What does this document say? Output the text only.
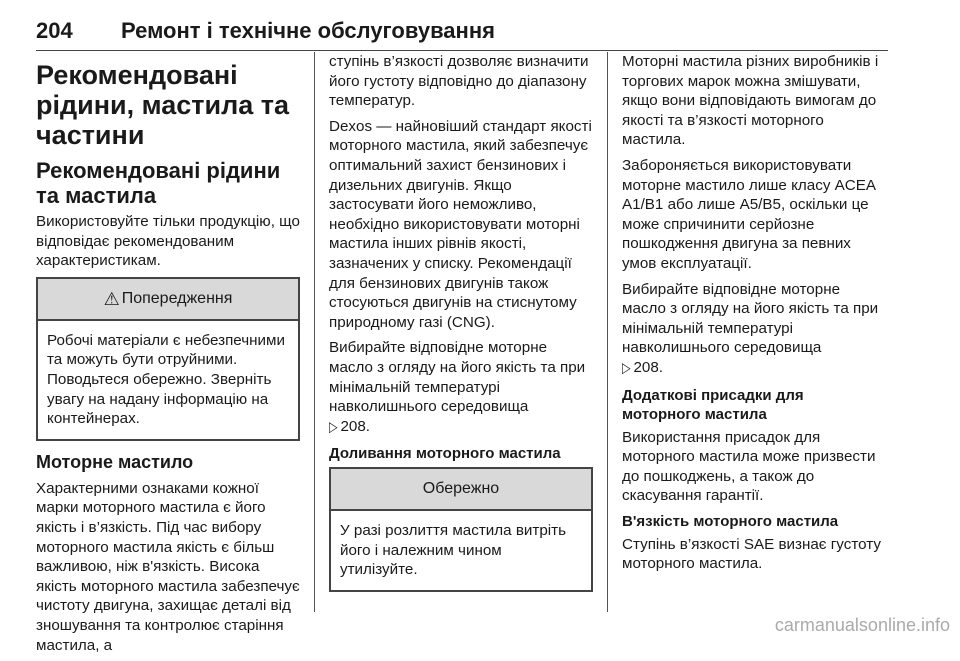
204 Ремонт і технічне обслуговування
Рекомендовані рідини, мастила та частини
Рекомендовані рідини та мастила

Використовуйте тільки продукцію, що відповідає рекомендованим характеристикам.

⚠ Попередження
Робочі матеріали є небезпечними та можуть бути отруйними. Поводьтеся обережно. Зверніть увагу на надану інформацію на контейнерах.
Моторне мастило

Характерними ознаками кожної марки моторного мастила є його якість і в’язкість. Під час вибору моторного мастила якість є більш важливою, ніж в'язкість. Висока якість моторного мастила забезпечує чистоту двигуна, захищає деталі від зношування та контролює старіння мастила, а

ступінь в’язкості дозволяє визначити його густоту відповідно до діапазону температур.

Dexos — найновіший стандарт якості моторного мастила, який забезпечує оптимальний захист бензинових і дизельних двигунів. Якщо застосувати його неможливо, необхідно використовувати моторні мастила інших рівнів якості, зазначених у списку. Рекомендації для бензинових двигунів також стосуються двигунів на стиснутому природному газі (CNG).

Вибирайте відповідне моторне масло з огляду на його якість та при мінімальній температурі навколишнього середовища
▷ 208.

Доливання моторного мастила
Обережно
У разі розлиття мастила витріть його і належним чином утилізуйте.

Моторні мастила різних виробників і торгових марок можна змішувати, якщо вони відповідають вимогам до якості та в’язкості моторного мастила.

Забороняється використовувати моторне мастило лише класу ACEA A1/B1 або лише A5/B5, оскільки це може спричинити серйозне пошкодження двигуна за певних умов експлуатації.

Вибирайте відповідне моторне масло з огляду на його якість та при мінімальній температурі навколишнього середовища
▷ 208.

Додаткові присадки для моторного мастила

Використання присадок для моторного мастила може призвести до пошкоджень, а також до скасування гарантії.

В'язкість моторного мастила

Ступінь в’язкості SAE визнає густоту моторного мастила.

carmanualsonline.info
